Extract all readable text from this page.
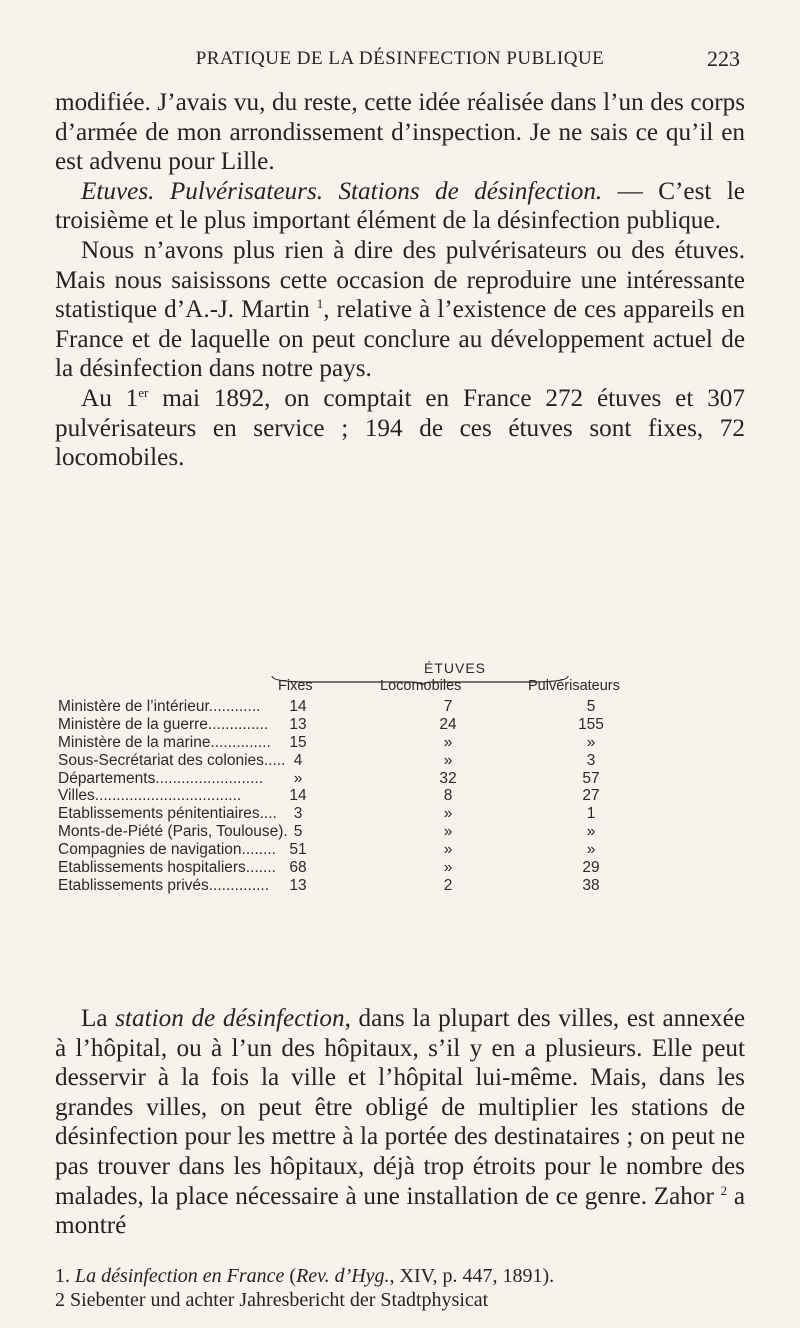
PRATIQUE DE LA DÉSINFECTION PUBLIQUE	223

modifiée. J’avais vu, du reste, cette idée réalisée dans l’un des corps d’armée de mon arrondissement d’inspection. Je ne sais ce qu’il en est advenu pour Lille.

Etuves. Pulvérisateurs. Stations de désinfection. — C’est le troisième et le plus important élément de la désinfection publique.

Nous n’avons plus rien à dire des pulvérisateurs ou des étuves. Mais nous saisissons cette occasion de reproduire une intéressante statistique d’A.-J. Martin $^1$, relative à l’existence de ces appareils en France et de laquelle on peut conclure au développement actuel de la désinfection dans notre pays.

Au 1er mai 1892, on comptait en France 272 étuves et 307 pulvérisateurs en service ; 194 de ces étuves sont fixes, 72 locomobiles.

ÉTUVES
Fixes	Locomobiles	Pulvérisateurs
Ministère de l’intérieur............	14	7	5
Ministère de la guerre..............	13	24	155
Ministère de la marine..............	15	»	»
Sous-Secrétariat des colonies..... 4	»	3
Départements.........................	»	32	57
Villes..................................	14	8	27
Etablissements pénitentiaires....	3	»	1
Monts-de-Piété (Paris, Toulouse). 5	»	»
Compagnies de navigation........ 51	»	»
Etablissements hospitaliers....... 68	»	29
Etablissements privés..............	13	2	38

La station de désinfection, dans la plupart des villes, est annexée à l’hôpital, ou à l’un des hôpitaux, s’il y en a plusieurs. Elle peut desservir à la fois la ville et l’hôpital lui-même. Mais, dans les grandes villes, on peut être obligé de multiplier les stations de désinfection pour les mettre à la portée des destinataires ; on peut ne pas trouver dans les hôpitaux, déjà trop étroits pour le nombre des malades, la place nécessaire à une installation de ce genre. Zahor $^2$ a montré

1. La désinfection en France (Rev. d’Hyg., XIV, p. 447, 1891).

2 Siebenter und achter Jahresbericht der Stadtphysicat
